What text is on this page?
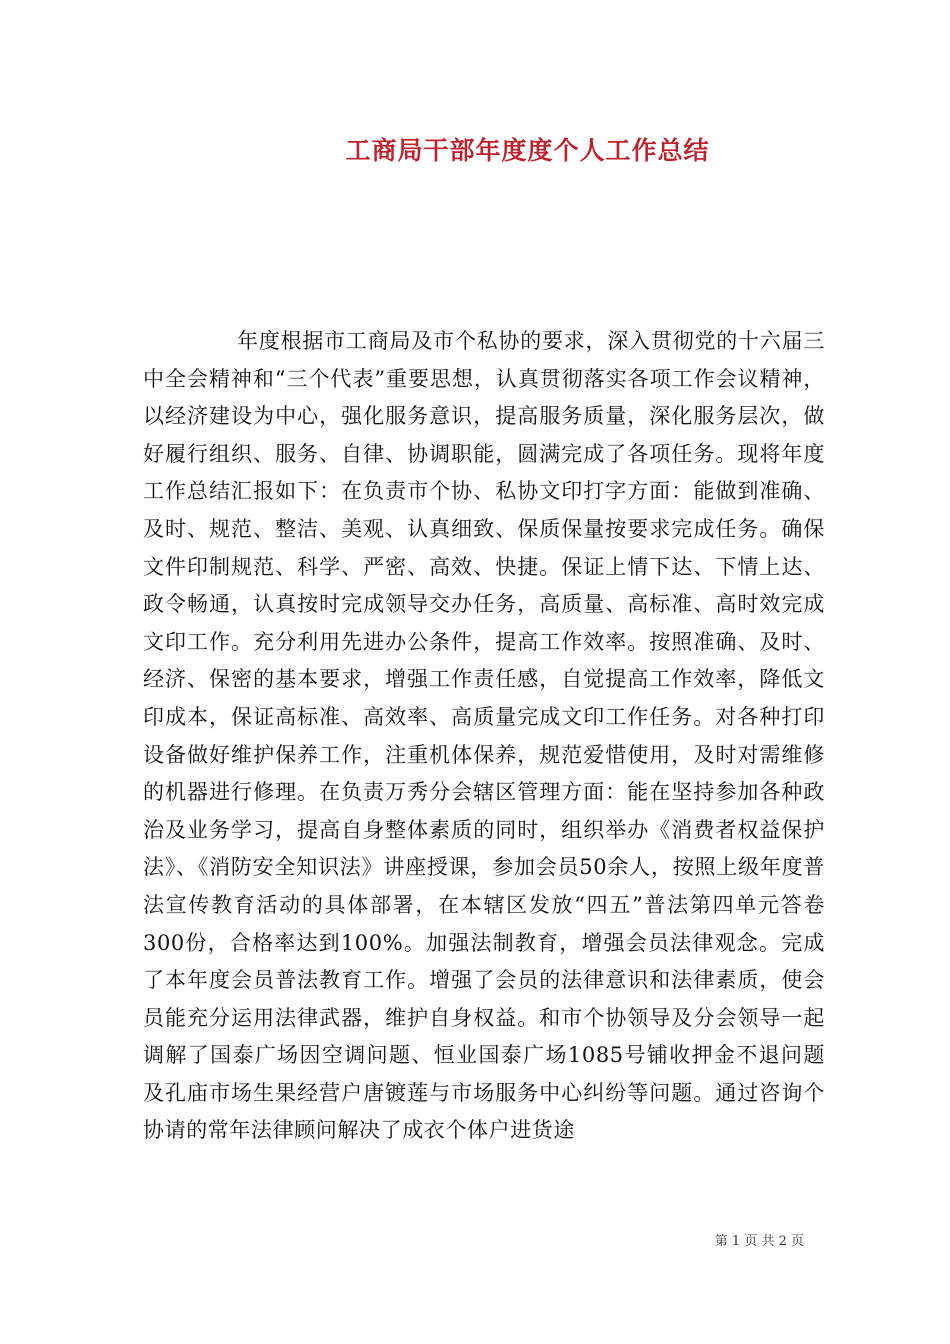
工商局干部年度度个人工作总结

年度根据市工商局及市个私协的要求，深入贯彻党的十六届三中全会精神和“三个代表”重要思想，认真贯彻落实各项工作会议精神，以经济建设为中心，强化服务意识，提高服务质量，深化服务层次，做好履行组织、服务、自律、协调职能，圆满完成了各项任务。现将年度工作总结汇报如下：在负责市个协、私协文印打字方面：能做到准确、及时、规范、整洁、美观、认真细致、保质保量按要求完成任务。确保文件印制规范、科学、严密、高效、快捷。保证上情下达、下情上达、政令畅通，认真按时完成领导交办任务，高质量、高标准、高时效完成文印工作。充分利用先进办公条件，提高工作效率。按照准确、及时、经济、保密的基本要求，增强工作责任感，自觉提高工作效率，降低文印成本，保证高标准、高效率、高质量完成文印工作任务。对各种打印设备做好维护保养工作，注重机体保养，规范爱惜使用，及时对需维修的机器进行修理。在负责万秀分会辖区管理方面：能在坚持参加各种政治及业务学习，提高自身整体素质的同时，组织举办《消费者权益保护法》、《消防安全知识法》讲座授课，参加会员50余人，按照上级年度普法宣传教育活动的具体部署，在本辖区发放“四五”普法第四单元答卷300份，合格率达到100%。加强法制教育，增强会员法律观念。完成了本年度会员普法教育工作。增强了会员的法律意识和法律素质，使会员能充分运用法律武器，维护自身权益。和市个协领导及分会领导一起调解了国泰广场因空调问题、恒业国泰广场1085号铺收押金不退问题及孔庙市场生果经营户唐镀莲与市场服务中心纠纷等问题。通过咨询个协请的常年法律顾问解决了成衣个体户进货途

第 1 页 共 2 页
